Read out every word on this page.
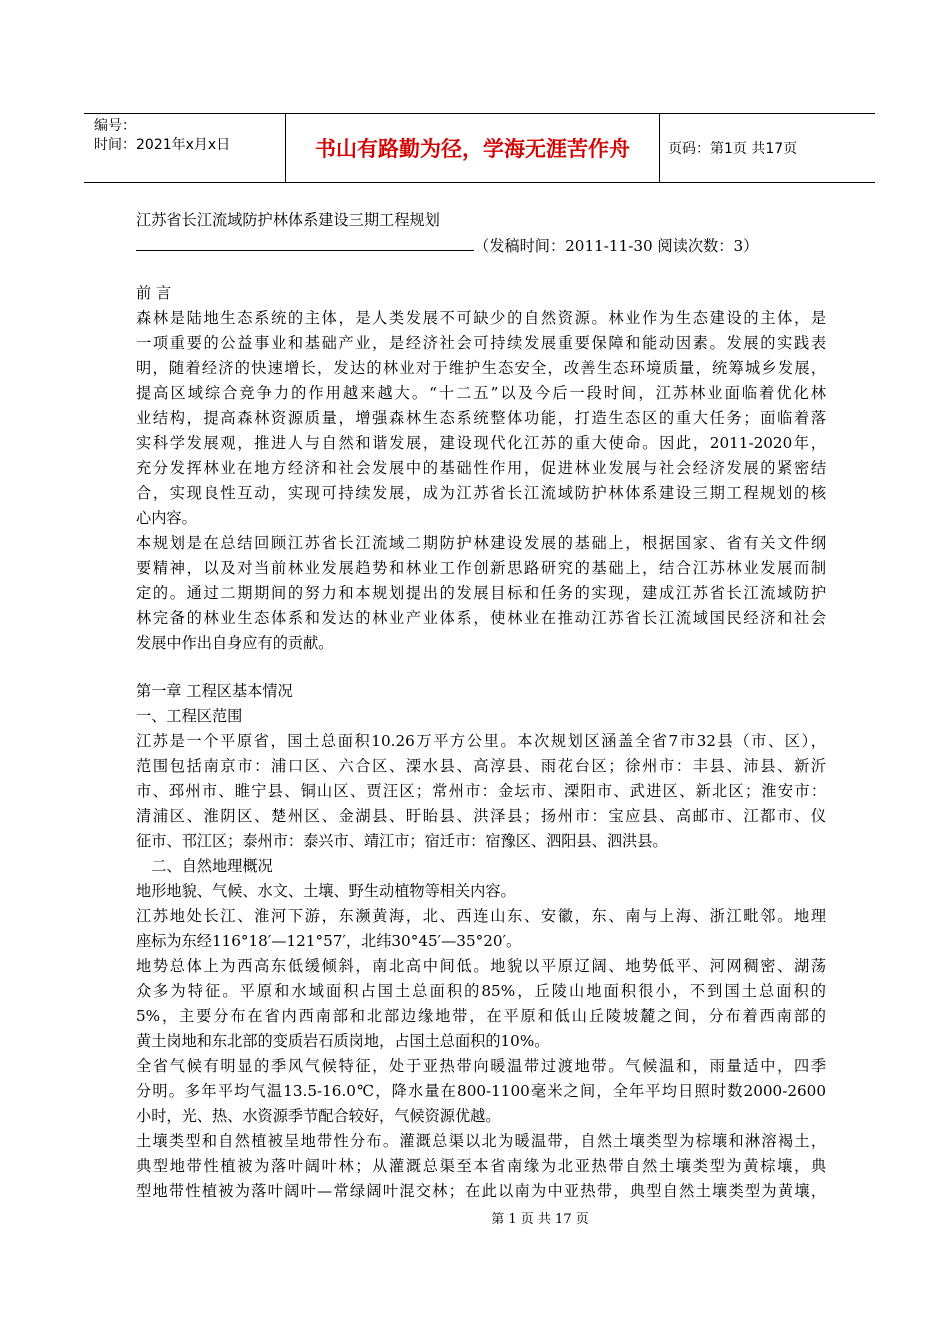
编号：
时间：2021年x月x日	书山有路勤为径，学海无涯苦作舟	页码：第1页 共17页
江苏省长江流域防护林体系建设三期工程规划
（发稿时间：2011-11-30 阅读次数：3）
前 言
森林是陆地生态系统的主体，是人类发展不可缺少的自然资源。林业作为生态建设的主体，是
一项重要的公益事业和基础产业，是经济社会可持续发展重要保障和能动因素。发展的实践表
明，随着经济的快速增长，发达的林业对于维护生态安全，改善生态环境质量，统筹城乡发展，
提高区域综合竞争力的作用越来越大。“十二五”以及今后一段时间，江苏林业面临着优化林
业结构，提高森林资源质量，增强森林生态系统整体功能，打造生态区的重大任务；面临着落
实科学发展观，推进人与自然和谐发展，建设现代化江苏的重大使命。因此，2011-2020年，
充分发挥林业在地方经济和社会发展中的基础性作用，促进林业发展与社会经济发展的紧密结
合，实现良性互动，实现可持续发展，成为江苏省长江流域防护林体系建设三期工程规划的核
心内容。
本规划是在总结回顾江苏省长江流域二期防护林建设发展的基础上，根据国家、省有关文件纲
要精神，以及对当前林业发展趋势和林业工作创新思路研究的基础上，结合江苏林业发展而制
定的。通过二期期间的努力和本规划提出的发展目标和任务的实现，建成江苏省长江流域防护
林完备的林业生态体系和发达的林业产业体系，使林业在推动江苏省长江流域国民经济和社会
发展中作出自身应有的贡献。
第一章 工程区基本情况
一、工程区范围
江苏是一个平原省，国土总面积10.26万平方公里。本次规划区涵盖全省7市32县（市、区），
范围包括南京市：浦口区、六合区、溧水县、高淳县、雨花台区；徐州市：丰县、沛县、新沂
市、邳州市、睢宁县、铜山区、贾汪区；常州市：金坛市、溧阳市、武进区、新北区；淮安市：
清浦区、淮阴区、楚州区、金湖县、盱眙县、洪泽县；扬州市：宝应县、高邮市、江都市、仪
征市、邗江区；泰州市：泰兴市、靖江市；宿迁市：宿豫区、泗阳县、泗洪县。
二、自然地理概况
地形地貌、气候、水文、土壤、野生动植物等相关内容。
江苏地处长江、淮河下游，东濒黄海，北、西连山东、安徽，东、南与上海、浙江毗邻。地理
座标为东经116°18′—121°57′，北纬30°45′—35°20′。
地势总体上为西高东低缓倾斜，南北高中间低。地貌以平原辽阔、地势低平、河网稠密、湖荡
众多为特征。平原和水域面积占国土总面积的85%，丘陵山地面积很小，不到国土总面积的
5%，主要分布在省内西南部和北部边缘地带，在平原和低山丘陵坡麓之间，分布着西南部的
黄土岗地和东北部的变质岩石质岗地，占国土总面积的10%。
全省气候有明显的季风气候特征，处于亚热带向暖温带过渡地带。气候温和，雨量适中，四季
分明。多年平均气温13.5-16.0℃，降水量在800-1100毫米之间，全年平均日照时数2000-2600
小时，光、热、水资源季节配合较好，气候资源优越。
土壤类型和自然植被呈地带性分布。灌溉总渠以北为暖温带，自然土壤类型为棕壤和淋溶褐土，
典型地带性植被为落叶阔叶林；从灌溉总渠至本省南缘为北亚热带自然土壤类型为黄棕壤，典
型地带性植被为落叶阔叶—常绿阔叶混交林；在此以南为中亚热带，典型自然土壤类型为黄壤，
第 1 页 共 17 页
